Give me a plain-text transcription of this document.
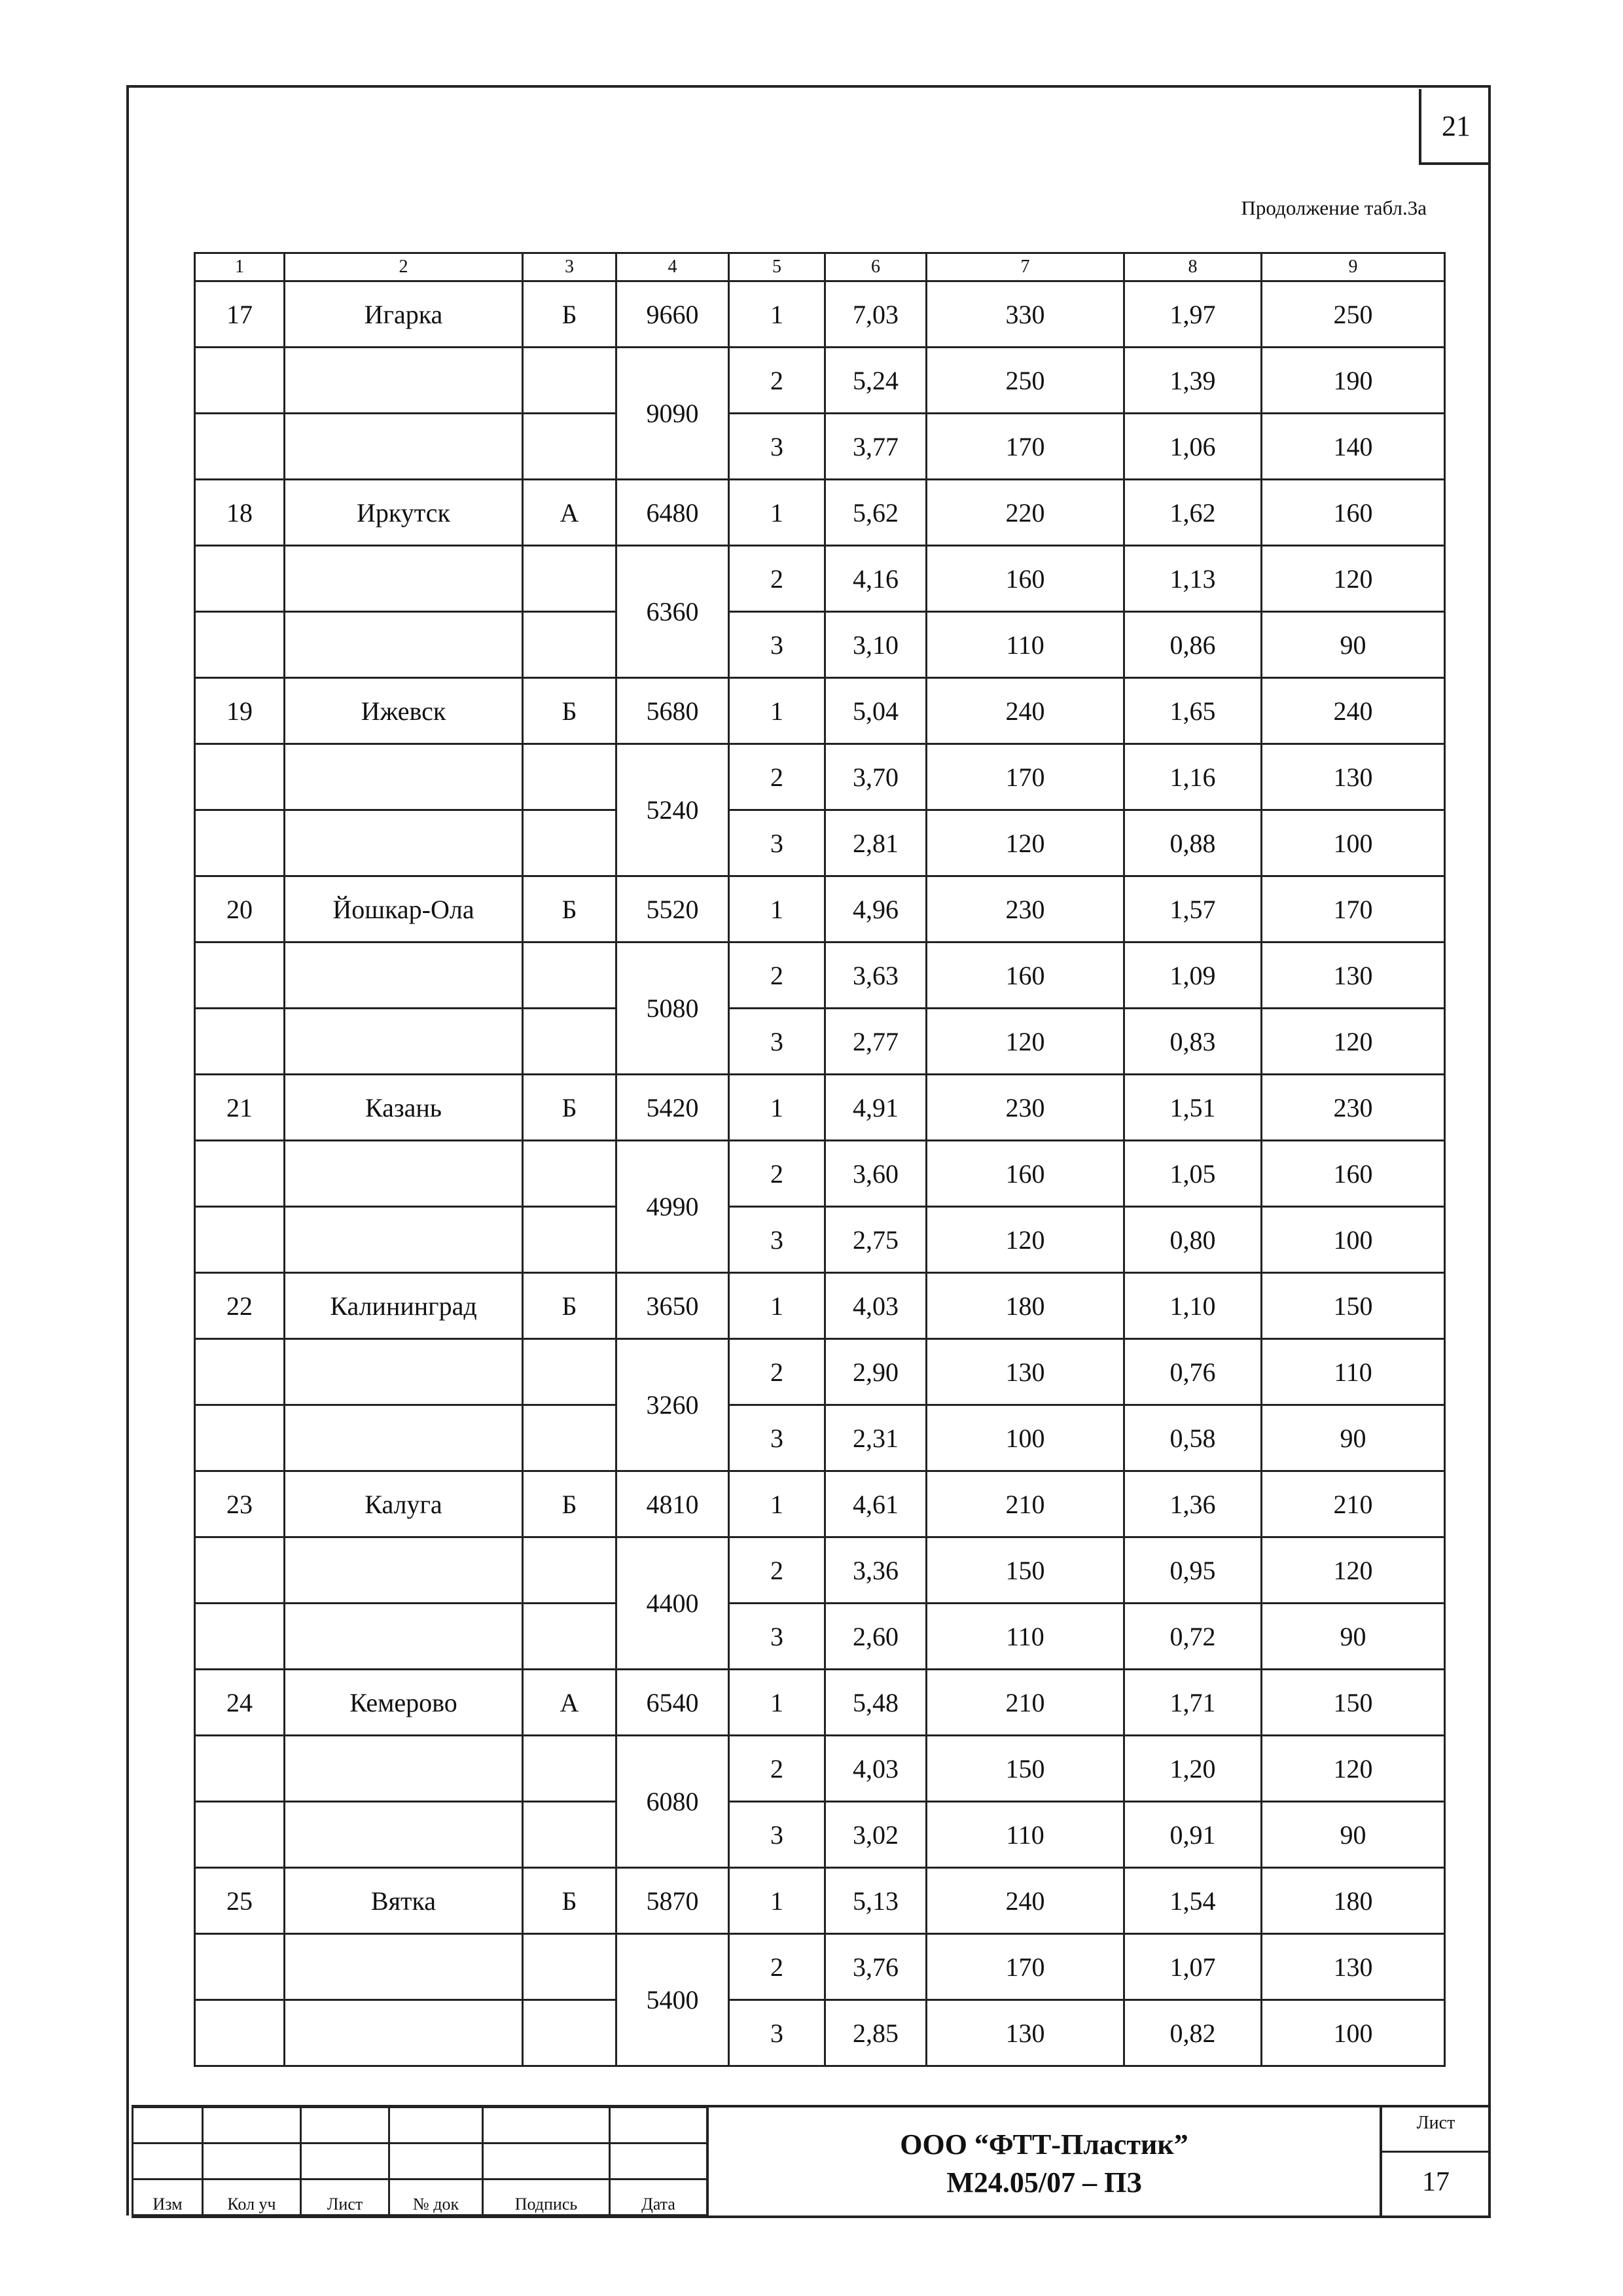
21
Продолжение табл.3а
1	2	3	4	5	6	7	8	9
17	Игарка	Б	9660	1	7,03	330	1,97	250
			9090	2	5,24	250	1,39	190
				3	3,77	170	1,06	140
18	Иркутск	А	6480	1	5,62	220	1,62	160
			6360	2	4,16	160	1,13	120
				3	3,10	110	0,86	90
19	Ижевск	Б	5680	1	5,04	240	1,65	240
			5240	2	3,70	170	1,16	130
				3	2,81	120	0,88	100
20	Йошкар-Ола	Б	5520	1	4,96	230	1,57	170
			5080	2	3,63	160	1,09	130
				3	2,77	120	0,83	120
21	Казань	Б	5420	1	4,91	230	1,51	230
			4990	2	3,60	160	1,05	160
				3	2,75	120	0,80	100
22	Калининград	Б	3650	1	4,03	180	1,10	150
			3260	2	2,90	130	0,76	110
				3	2,31	100	0,58	90
23	Калуга	Б	4810	1	4,61	210	1,36	210
			4400	2	3,36	150	0,95	120
				3	2,60	110	0,72	90
24	Кемерово	А	6540	1	5,48	210	1,71	150
			6080	2	4,03	150	1,20	120
				3	3,02	110	0,91	90
25	Вятка	Б	5870	1	5,13	240	1,54	180
			5400	2	3,76	170	1,07	130
				3	2,85	130	0,82	100

Изм	Кол уч	Лист	№ док	Подпись	Дата
ООО “ФТТ-Пластик”
М24.05/07 – ПЗ
Лист
17
